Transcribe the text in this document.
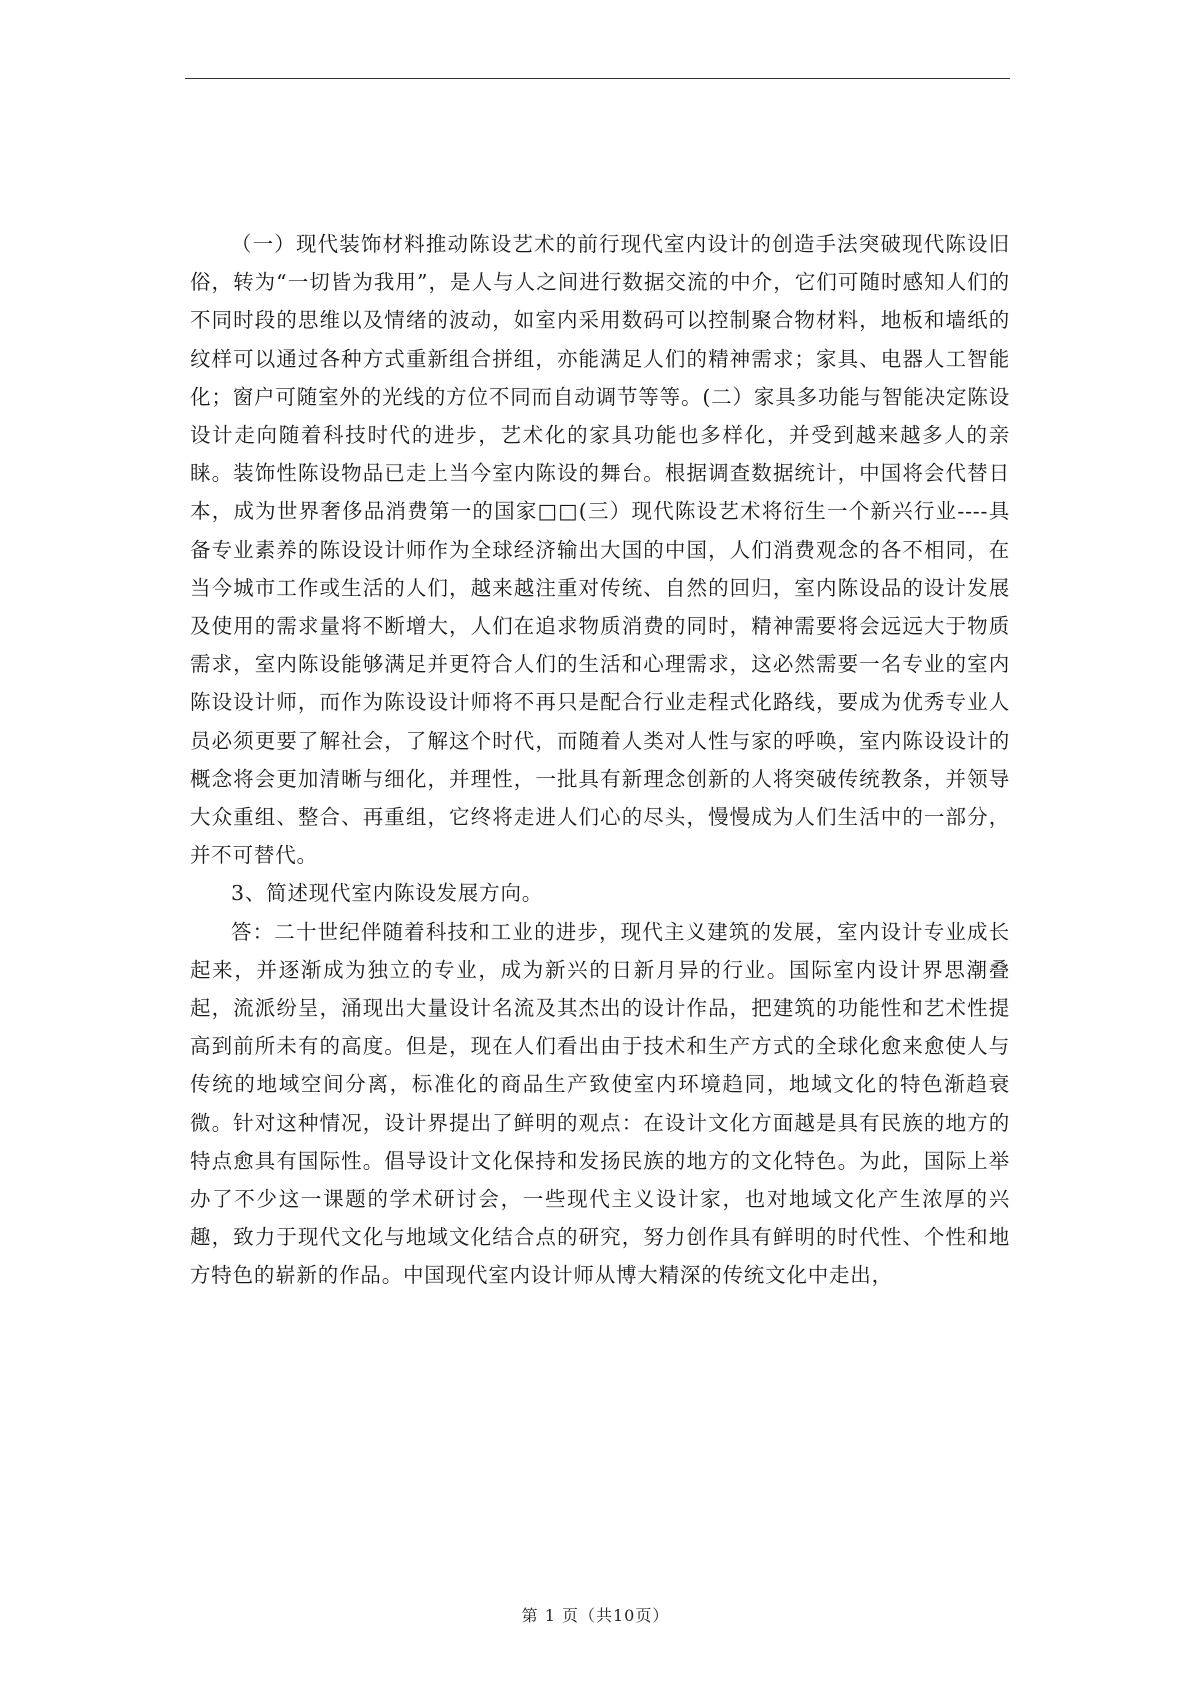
（一）现代装饰材料推动陈设艺术的前行现代室内设计的创造手法突破现代陈设旧俗，转为“一切皆为我用”，是人与人之间进行数据交流的中介，它们可随时感知人们的不同时段的思维以及情绪的波动，如室内采用数码可以控制聚合物材料，地板和墙纸的纹样可以通过各种方式重新组合拼组，亦能满足人们的精神需求；家具、电器人工智能化；窗户可随室外的光线的方位不同而自动调节等等。(二）家具多功能与智能决定陈设设计走向随着科技时代的进步，艺术化的家具功能也多样化，并受到越来越多人的亲睐。装饰性陈设物品已走上当今室内陈设的舞台。根据调查数据统计，中国将会代替日本，成为世界奢侈品消费第一的国家□□(三）现代陈设艺术将衍生一个新兴行业----具备专业素养的陈设设计师作为全球经济输出大国的中国，人们消费观念的各不相同，在当今城市工作或生活的人们，越来越注重对传统、自然的回归，室内陈设品的设计发展及使用的需求量将不断增大，人们在追求物质消费的同时，精神需要将会远远大于物质需求，室内陈设能够满足并更符合人们的生活和心理需求，这必然需要一名专业的室内陈设设计师，而作为陈设设计师将不再只是配合行业走程式化路线，要成为优秀专业人员必须更要了解社会，了解这个时代，而随着人类对人性与家的呼唤，室内陈设设计的概念将会更加清晰与细化，并理性，一批具有新理念创新的人将突破传统教条，并领导大众重组、整合、再重组，它终将走进人们心的尽头，慢慢成为人们生活中的一部分，并不可替代。

3、简述现代室内陈设发展方向。

答：二十世纪伴随着科技和工业的进步，现代主义建筑的发展，室内设计专业成长起来，并逐渐成为独立的专业，成为新兴的日新月异的行业。国际室内设计界思潮叠起，流派纷呈，涌现出大量设计名流及其杰出的设计作品，把建筑的功能性和艺术性提高到前所未有的高度。但是，现在人们看出由于技术和生产方式的全球化愈来愈使人与传统的地域空间分离，标准化的商品生产致使室内环境趋同，地域文化的特色渐趋衰微。针对这种情况，设计界提出了鲜明的观点：在设计文化方面越是具有民族的地方的特点愈具有国际性。倡导设计文化保持和发扬民族的地方的文化特色。为此，国际上举办了不少这一课题的学术研讨会，一些现代主义设计家，也对地域文化产生浓厚的兴趣，致力于现代文化与地域文化结合点的研究，努力创作具有鲜明的时代性、个性和地方特色的崭新的作品。中国现代室内设计师从博大精深的传统文化中走出，

第 1 页（共10页）
